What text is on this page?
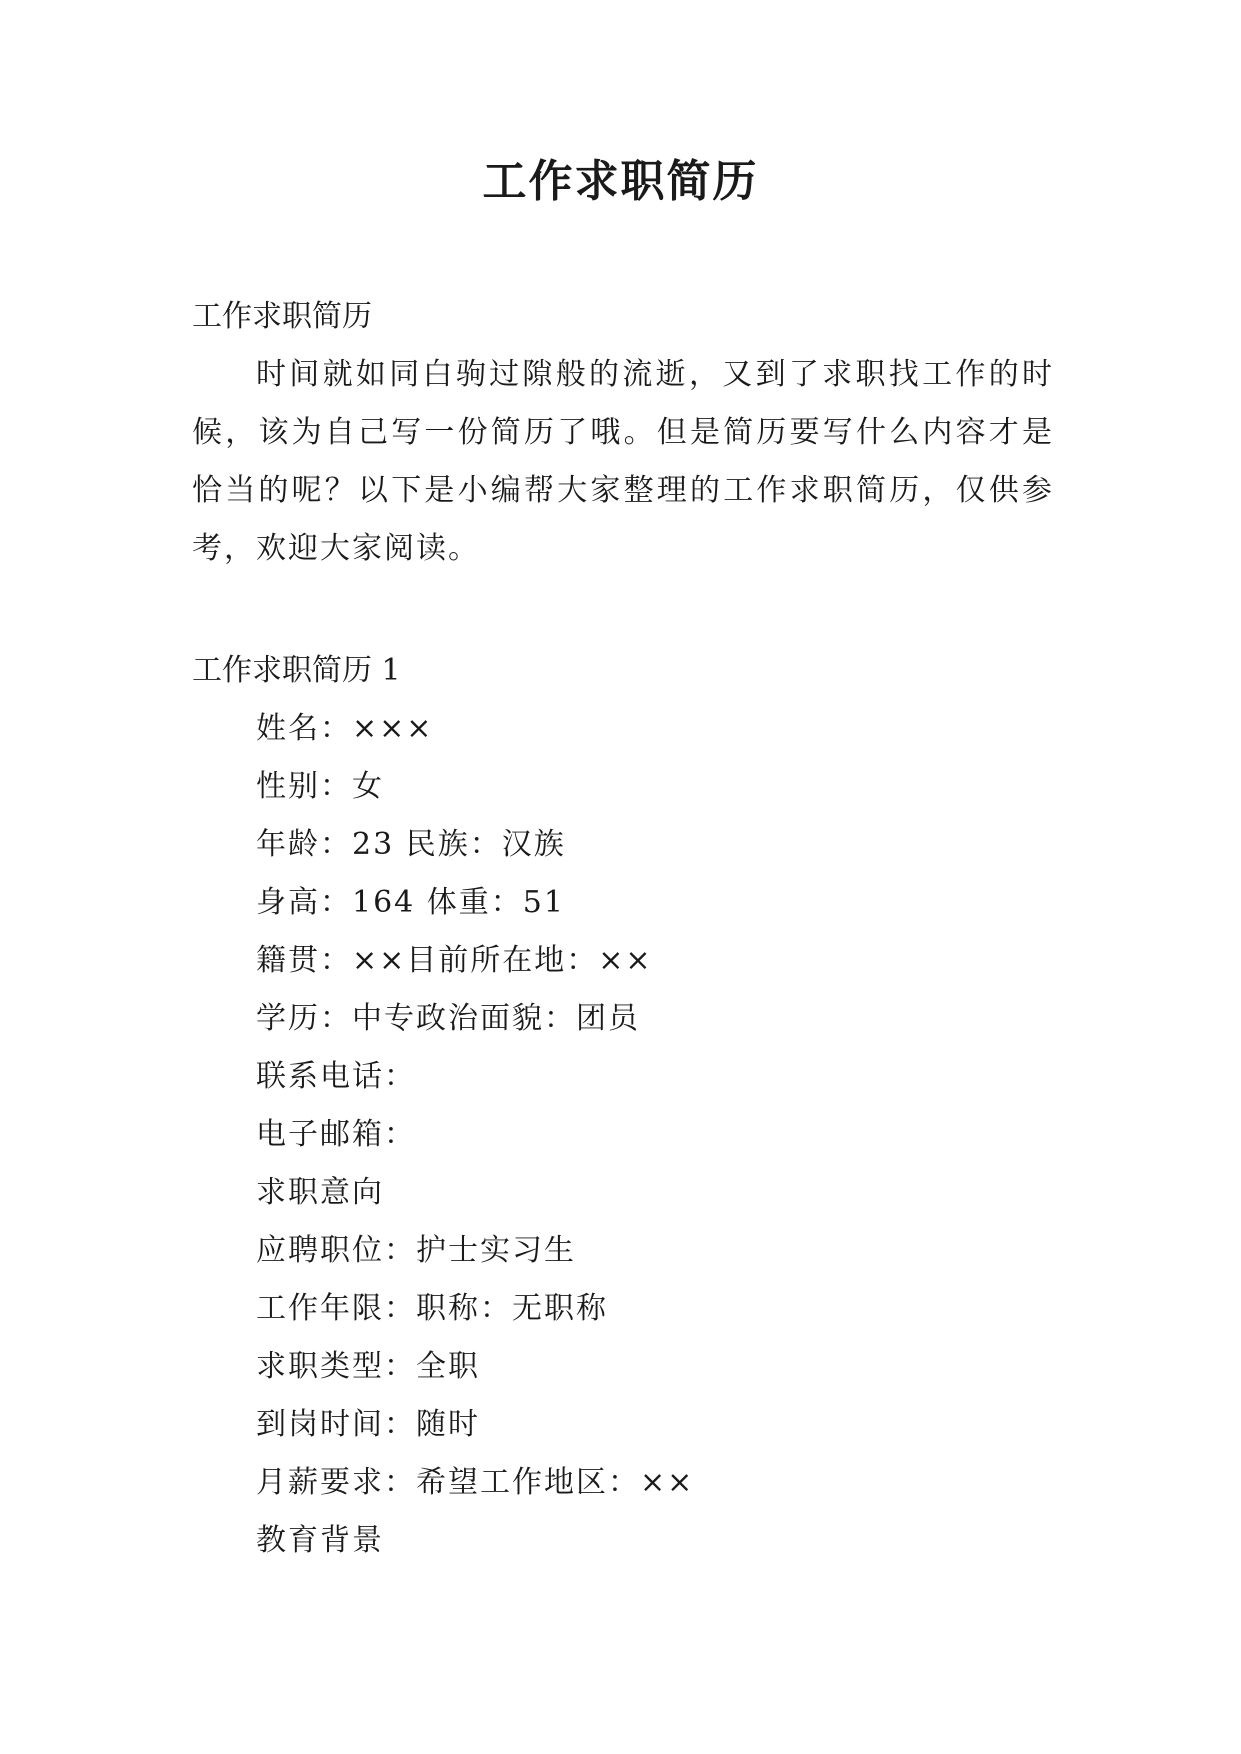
工作求职简历
工作求职简历
时间就如同白驹过隙般的流逝，又到了求职找工作的时候，该为自己写一份简历了哦。但是简历要写什么内容才是恰当的呢？以下是小编帮大家整理的工作求职简历，仅供参考，欢迎大家阅读。
工作求职简历 1
姓名：×××
性别：女
年龄：23 民族：汉族
身高：164 体重：51
籍贯：××目前所在地：××
学历：中专政治面貌：团员
联系电话：
电子邮箱：
求职意向
应聘职位：护士实习生
工作年限：职称：无职称
求职类型：全职
到岗时间：随时
月薪要求：希望工作地区：××
教育背景
